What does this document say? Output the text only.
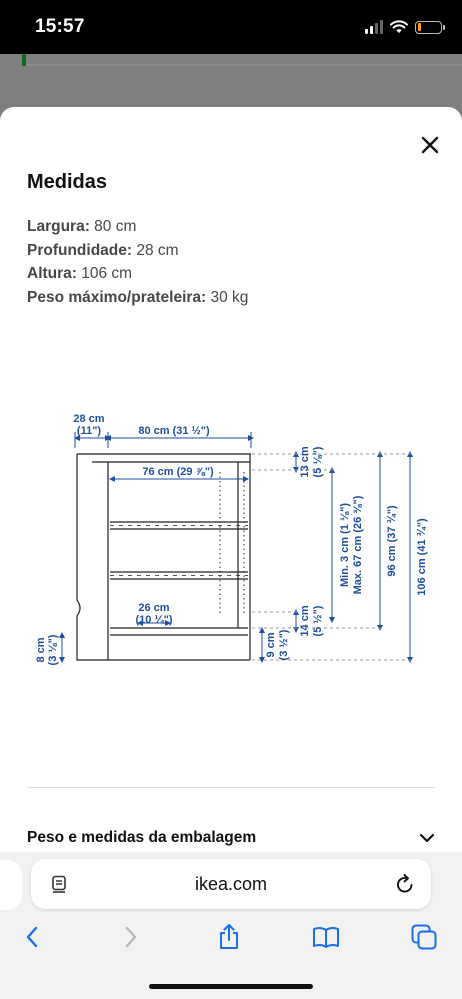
15:57
Medidas
Largura: 80 cm
Profundidade: 28 cm
Altura: 106 cm
Peso máximo/prateleira: 30 kg
28 cm
(11")	80 cm (31 ½")
76 cm (29 ⅞")
26 cm
(10 ¼")
8 cm (3 ⅛")
13 cm (5 ⅛")
Min. 3 cm (1 ⅛") Max. 67 cm (26 ⅜")
14 cm (5 ½")
9 cm (3 ½")
96 cm (37 ¾") 106 cm (41 ¾")
Peso e medidas da embalagem
ikea.com
